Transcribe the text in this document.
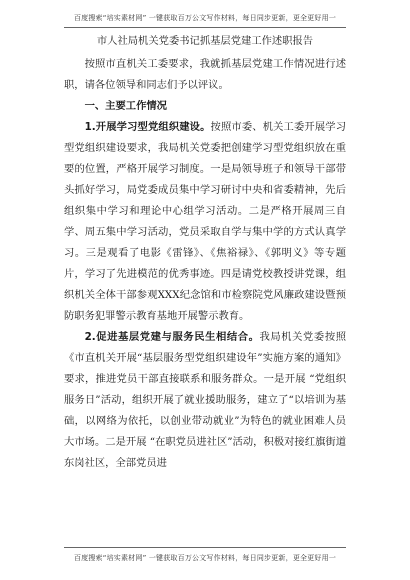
百度搜索“培实素材网” 一键获取百万公文写作材料，每日同步更新，更全更好用一

市人社局机关党委书记抓基层党建工作述职报告

按照市直机关工委要求，我就抓基层党建工作情况进行述职，请各位领导和同志们予以评议。

一、主要工作情况

1.开展学习型党组织建设。按照市委、机关工委开展学习型党组织建设要求，我局机关党委把创建学习型党组织放在重要的位置，严格开展学习制度。一是局领导班子和领导干部带头抓好学习，局党委成员集中学习研讨中央和省委精神，先后组织集中学习和理论中心组学习活动。二是严格开展周三自学、周五集中学习活动，党员采取自学与集中学的方式认真学习。三是观看了电影《雷锋》、《焦裕禄》、《郭明义》等专题片，学习了先进模范的优秀事迹。四是请党校教授讲党课，组织机关全体干部参观XXX纪念馆和市检察院党风廉政建设暨预防职务犯罪警示教育基地开展警示教育。

2.促进基层党建与服务民生相结合。我局机关党委按照《市直机关开展“基层服务型党组织建设年”实施方案的通知》要求，推进党员干部直接联系和服务群众。一是开展 “党组织服务日”活动，组织开展了就业援助服务，建立了“以培训为基础，以网络为依托，以创业带动就业”为特色的就业困难人员大市场。二是开展 “在职党员进社区”活动，积极对接红旗街道东岗社区，全部党员进

百度搜索“培实素材网” 一键获取百万公文写作材料，每日同步更新，更全更好用一
